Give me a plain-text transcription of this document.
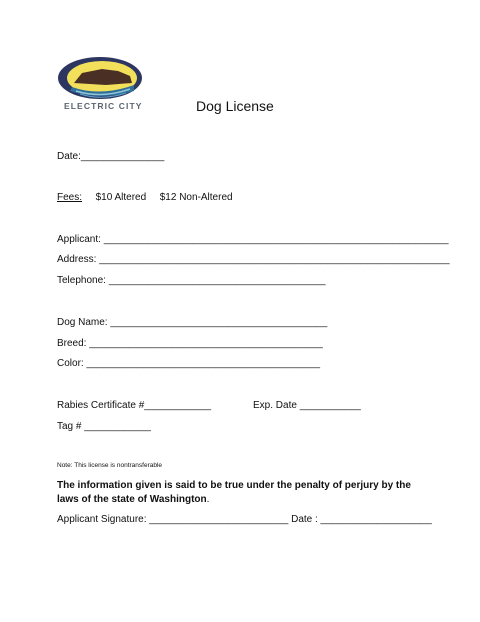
ELECTRIC CITY	Dog License
Date:_______________
Fees: $10 Altered $12 Non-Altered
Applicant: ______________________________________________________________
Address: _______________________________________________________________
Telephone: _______________________________________
Dog Name: _______________________________________
Breed: __________________________________________
Color: __________________________________________
Rabies Certificate #____________	Exp. Date ___________
Tag # ____________
Note: This license is nontransferable
The information given is said to be true under the penalty of perjury by the laws of the state of Washington.
Applicant Signature: _________________________ Date : ____________________
